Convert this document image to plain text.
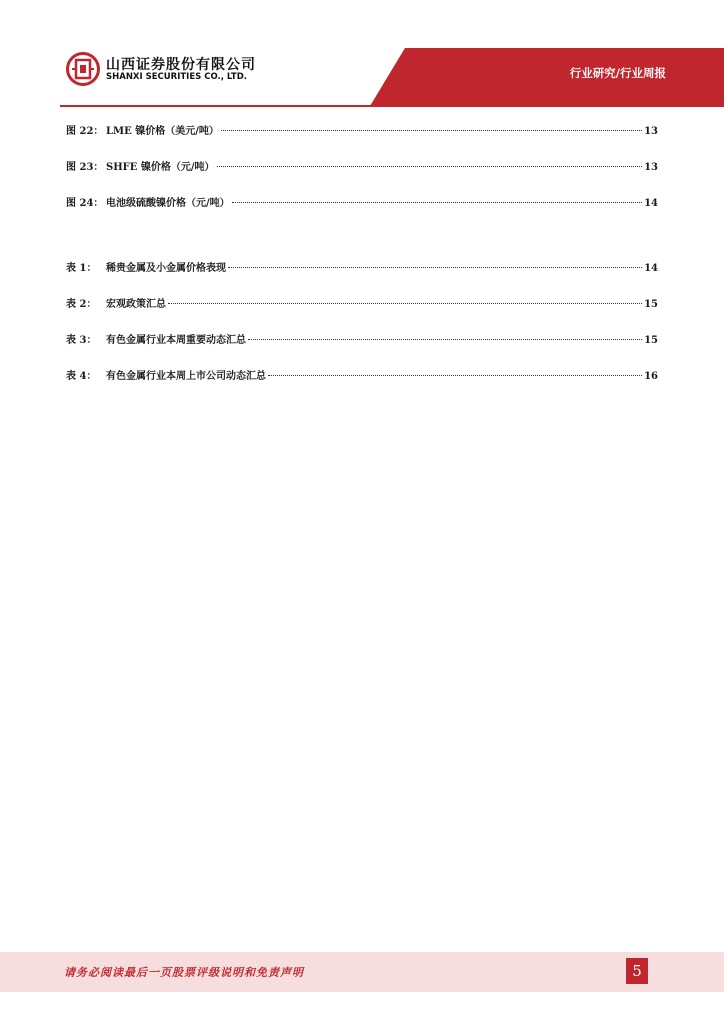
山西证券股份有限公司
SHANXI SECURITIES CO., LTD.	行业研究/行业周报
图 22： LME 镍价格（美元/吨）	13
图 23： SHFE 镍价格（元/吨）	13
图 24： 电池级硫酸镍价格（元/吨）	14
表 1： 稀贵金属及小金属价格表现	14
表 2： 宏观政策汇总	15
表 3： 有色金属行业本周重要动态汇总	15
表 4： 有色金属行业本周上市公司动态汇总	16
请务必阅读最后一页股票评级说明和免责声明	5
